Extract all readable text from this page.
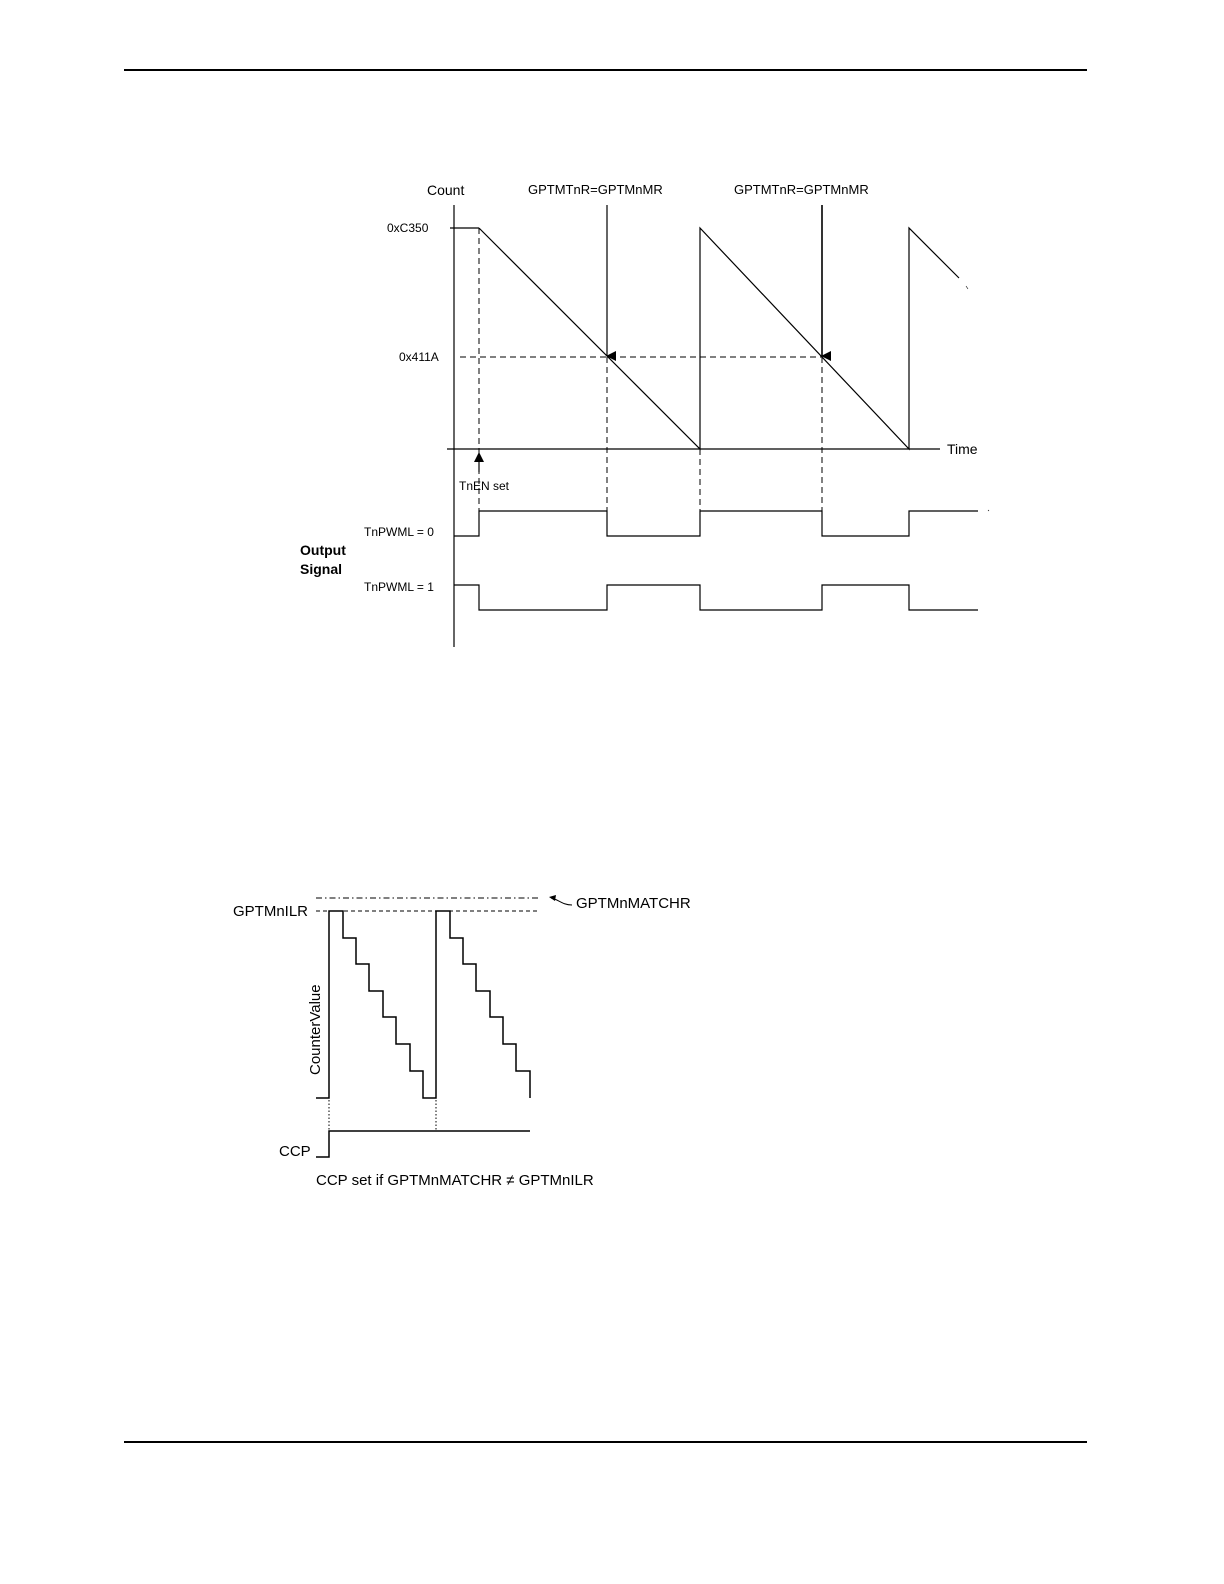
Count
Time
0xC350
0x411A
GPTMTnR=GPTMnMR	GPTMTnR=GPTMnMR
TnEN set
Output
Signal
TnPWML = 0
TnPWML = 1
GPTMnILR	GPTMnMATCHR
CounterValue
CCP
CCP set if GPTMnMATCHR ≠ GPTMnILR
